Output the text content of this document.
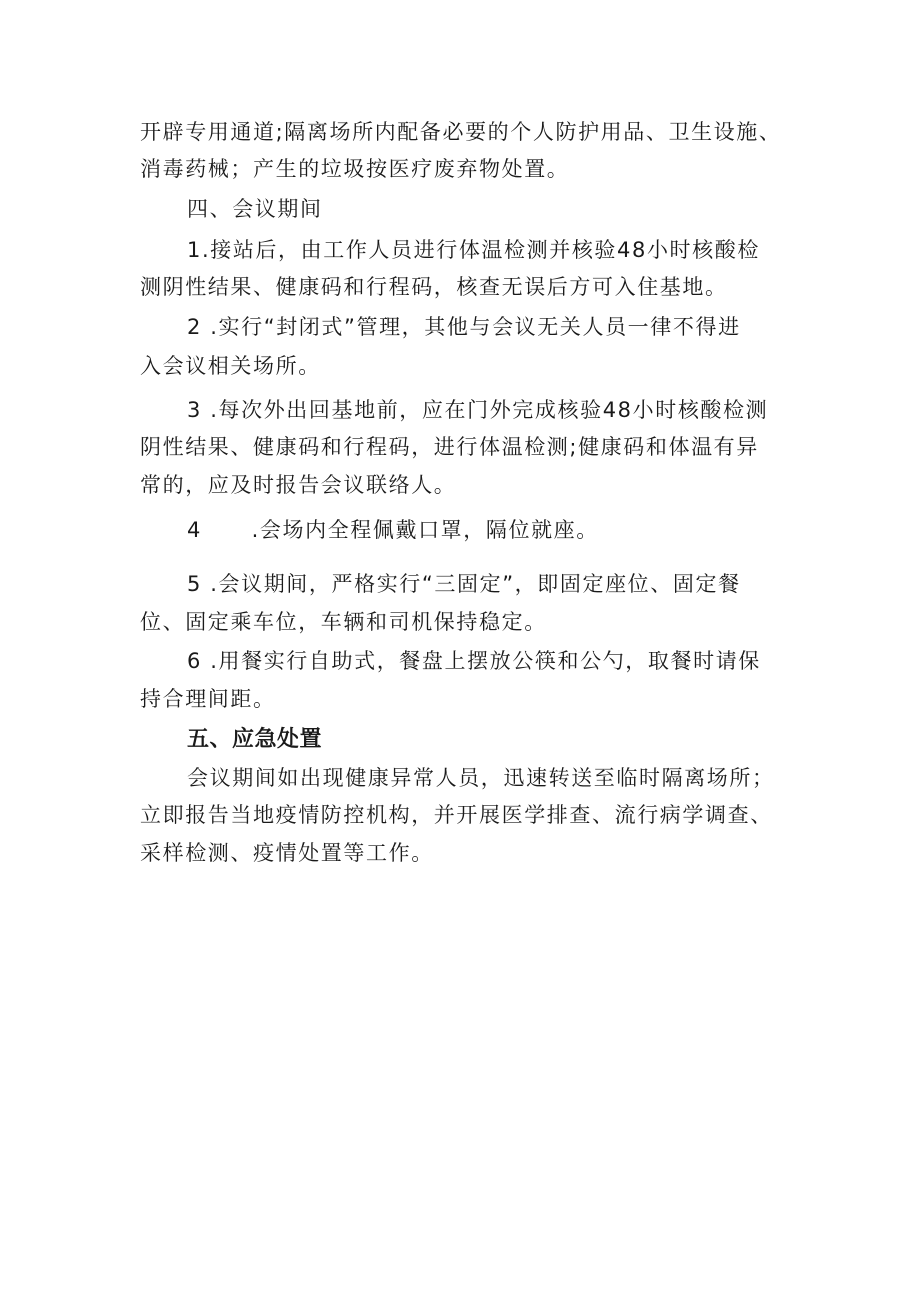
开辟专用通道;隔离场所内配备必要的个人防护用品、卫生设施、
消毒药械；产生的垃圾按医疗废弃物处置。
四、会议期间
1.接站后，由工作人员进行体温检测并核验48小时核酸检
测阴性结果、健康码和行程码，核查无误后方可入住基地。
2 .实行“封闭式”管理，其他与会议无关人员一律不得进
入会议相关场所。
3 .每次外出回基地前，应在门外完成核验48小时核酸检测
阴性结果、健康码和行程码，进行体温检测;健康码和体温有异
常的，应及时报告会议联络人。
4      .会场内全程佩戴口罩，隔位就座。
5 .会议期间，严格实行“三固定”，即固定座位、固定餐
位、固定乘车位，车辆和司机保持稳定。
6 .用餐实行自助式，餐盘上摆放公筷和公勺，取餐时请保
持合理间距。
五、应急处置
会议期间如出现健康异常人员，迅速转送至临时隔离场所；
立即报告当地疫情防控机构，并开展医学排查、流行病学调查、
采样检测、疫情处置等工作。
